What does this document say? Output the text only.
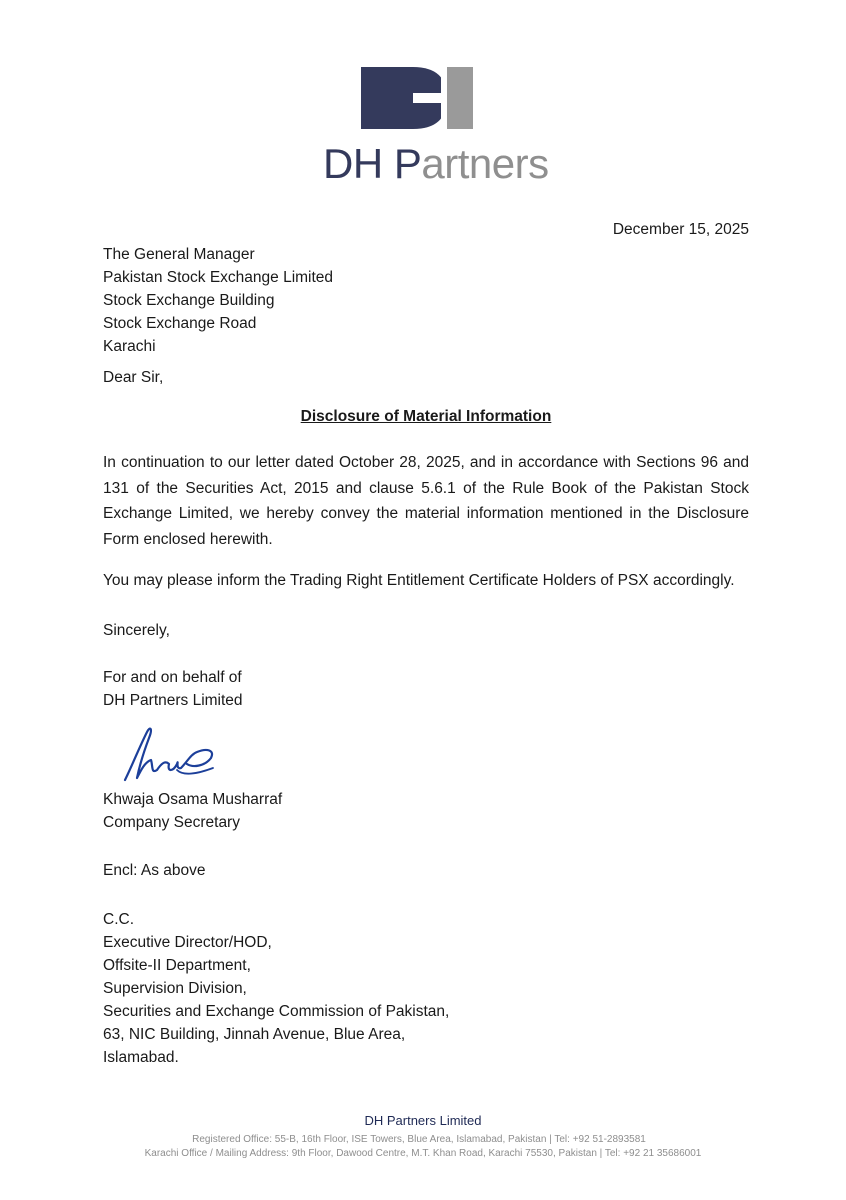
DH Partners
December 15, 2025
The General Manager
Pakistan Stock Exchange Limited
Stock Exchange Building
Stock Exchange Road
Karachi
Dear Sir,
Disclosure of Material Information
In continuation to our letter dated October 28, 2025, and in accordance with Sections 96 and 131 of the Securities Act, 2015 and clause 5.6.1 of the Rule Book of the Pakistan Stock Exchange Limited, we hereby convey the material information mentioned in the Disclosure Form enclosed herewith.
You may please inform the Trading Right Entitlement Certificate Holders of PSX accordingly.
Sincerely,
For and on behalf of
DH Partners Limited
Khwaja Osama Musharraf
Company Secretary
Encl: As above
C.C.
Executive Director/HOD,
Offsite-II Department,
Supervision Division,
Securities and Exchange Commission of Pakistan,
63, NIC Building, Jinnah Avenue, Blue Area,
Islamabad.
DH Partners Limited
Registered Office: 55-B, 16th Floor, ISE Towers, Blue Area, Islamabad, Pakistan | Tel: +92 51-2893581
Karachi Office / Mailing Address: 9th Floor, Dawood Centre, M.T. Khan Road, Karachi 75530, Pakistan | Tel: +92 21 35686001
